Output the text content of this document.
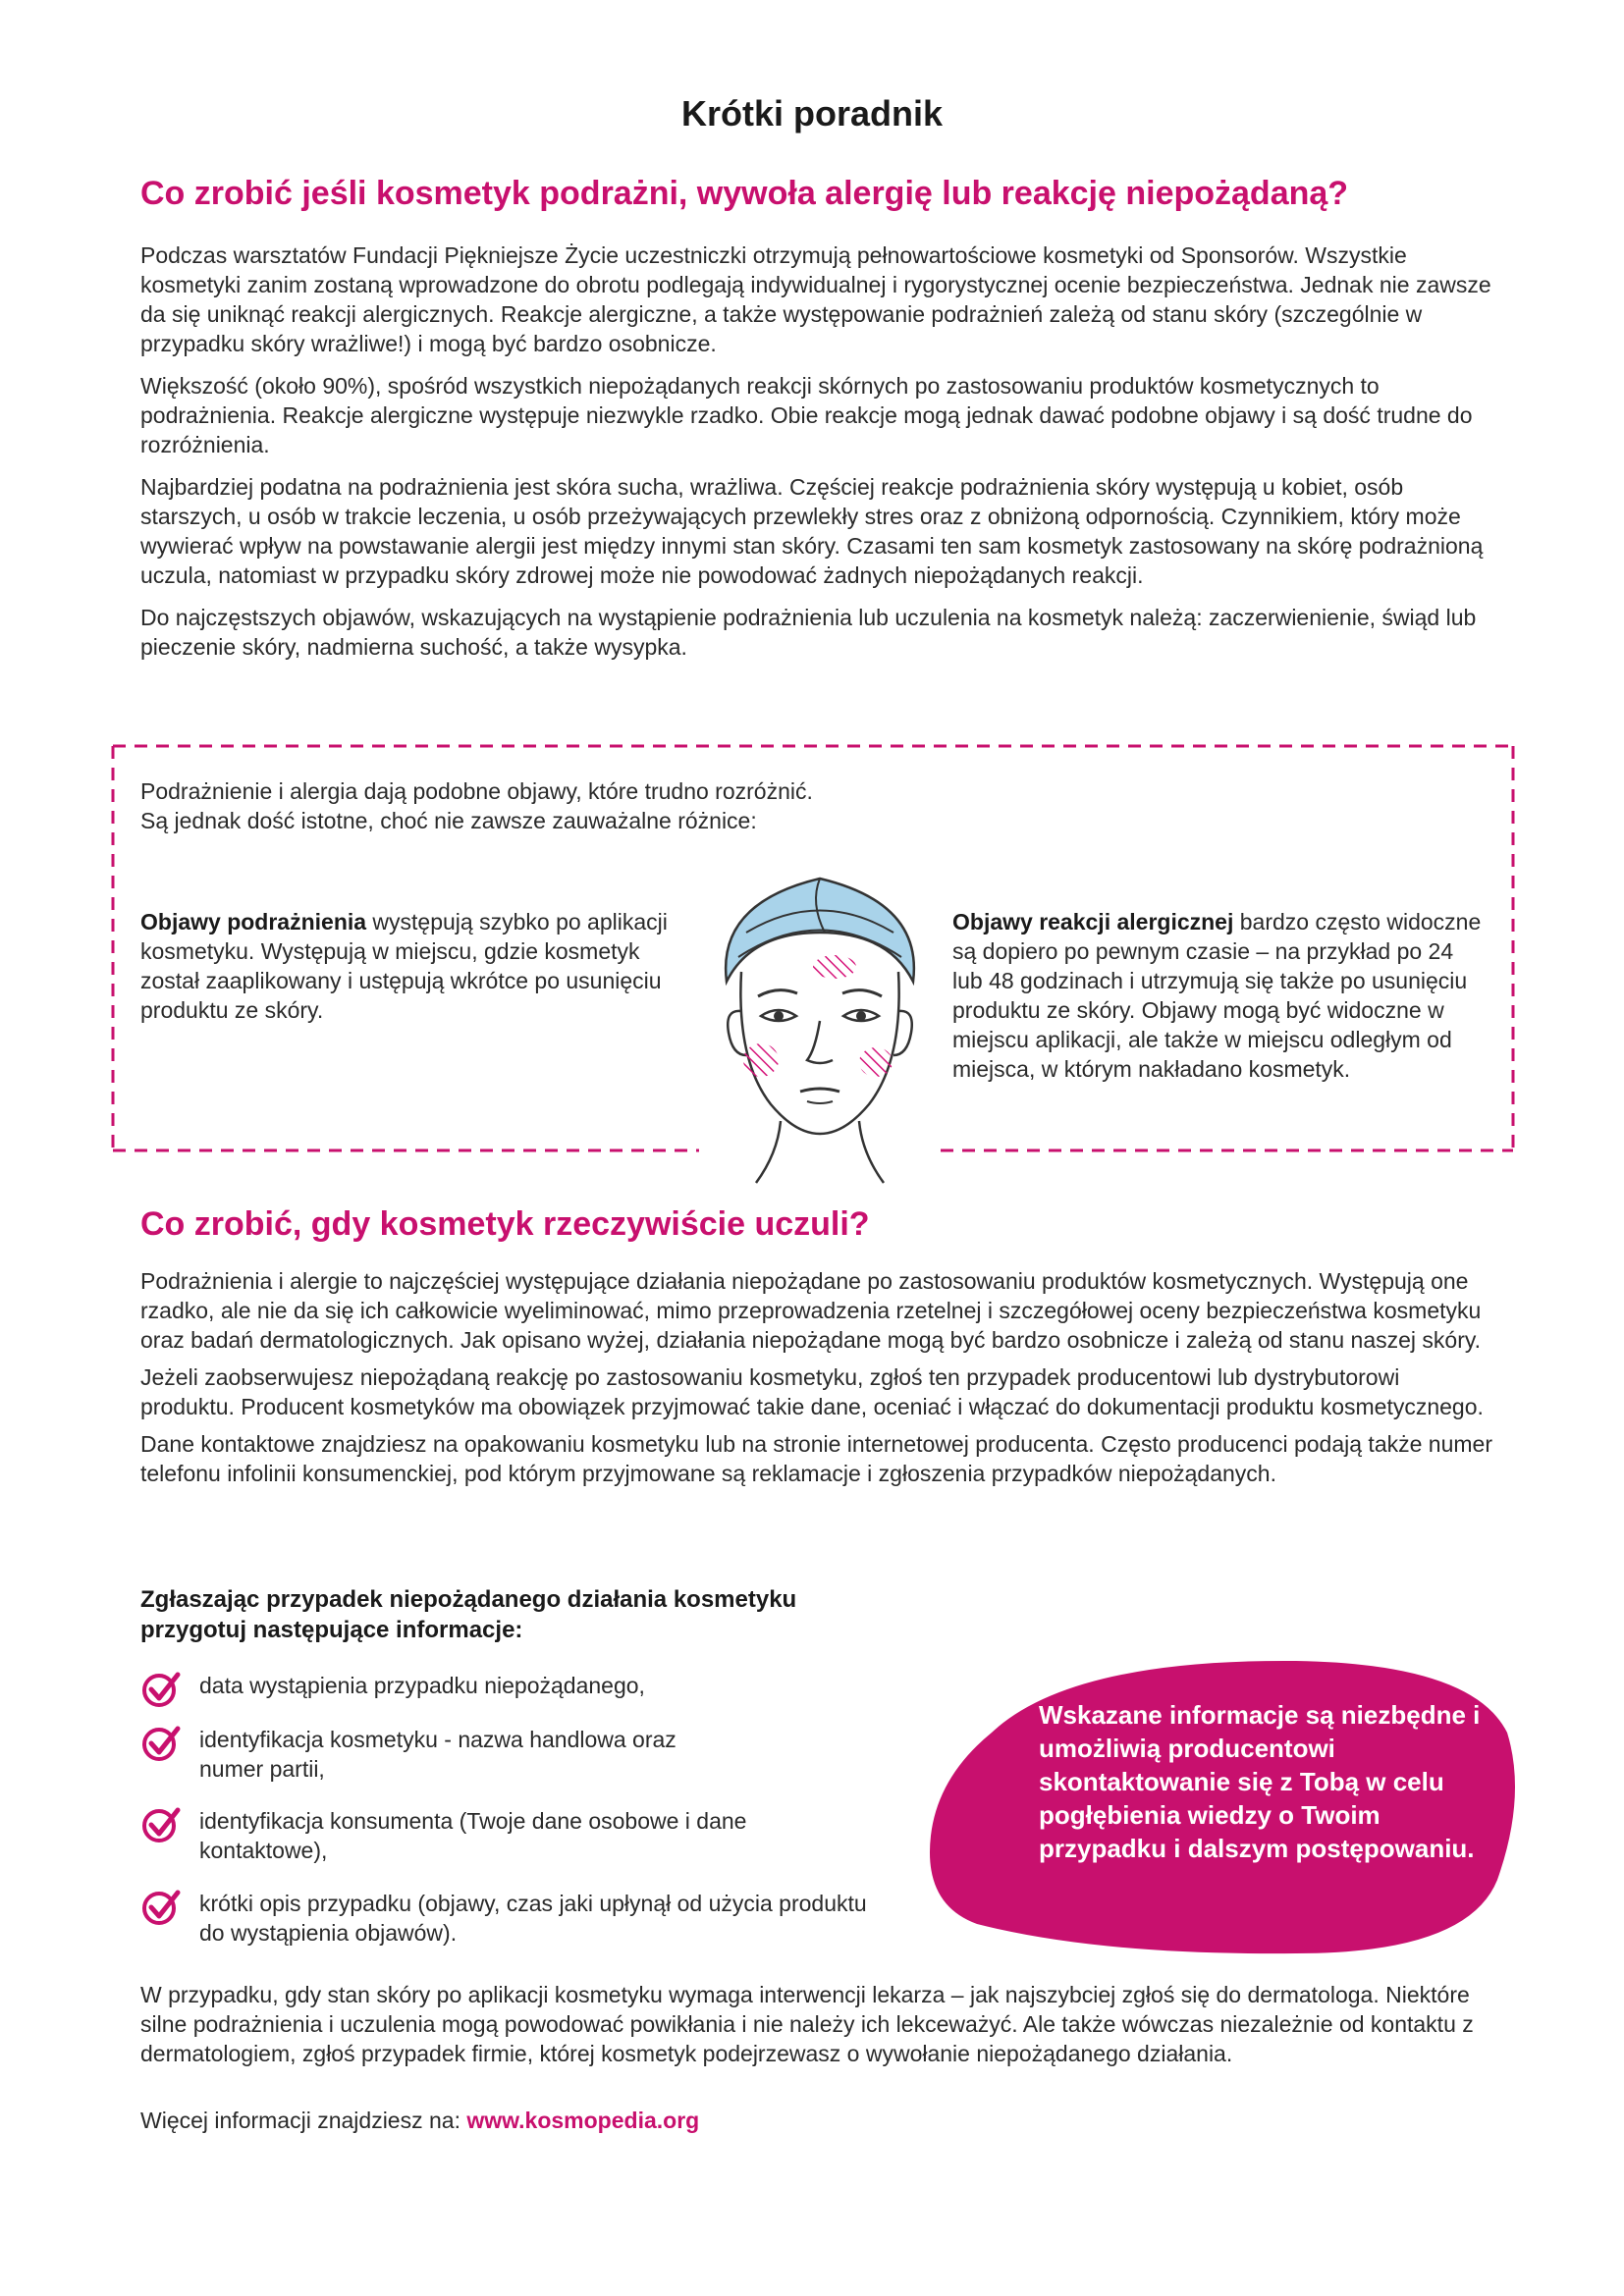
Krótki poradnik
Co zrobić jeśli kosmetyk podrażni, wywoła alergię lub reakcję niepożądaną?

Podczas warsztatów Fundacji Piękniejsze Życie uczestniczki otrzymują pełnowartościowe kosmetyki od Sponsorów. Wszystkie kosmetyki zanim zostaną wprowadzone do obrotu podlegają indywidualnej i rygorystycznej ocenie bezpieczeństwa. Jednak nie zawsze da się uniknąć reakcji alergicznych. Reakcje alergiczne, a także występowanie podrażnień zależą od stanu skóry (szczególnie w przypadku skóry wrażliwe!) i mogą być bardzo osobnicze.

Większość (około 90%), spośród wszystkich niepożądanych reakcji skórnych po zastosowaniu produktów kosmetycznych to podrażnienia. Reakcje alergiczne występuje niezwykle rzadko. Obie reakcje mogą jednak dawać podobne objawy i są dość trudne do rozróżnienia.

Najbardziej podatna na podrażnienia jest skóra sucha, wrażliwa. Częściej reakcje podrażnienia skóry występują u kobiet, osób starszych, u osób w trakcie leczenia, u osób przeżywających przewlekły stres oraz z obniżoną odpornością. Czynnikiem, który może wywierać wpływ na powstawanie alergii jest między innymi stan skóry. Czasami ten sam kosmetyk zastosowany na skórę podrażnioną uczula, natomiast w przypadku skóry zdrowej może nie powodować żadnych niepożądanych reakcji.

Do najczęstszych objawów, wskazujących na wystąpienie podrażnienia lub uczulenia na kosmetyk należą: zaczerwienienie, świąd lub pieczenie skóry, nadmierna suchość, a także wysypka.

Podrażnienie i alergia dają podobne objawy, które trudno rozróżnić.
Są jednak dość istotne, choć nie zawsze zauważalne różnice:
Objawy podrażnienia występują szybko po aplikacji kosmetyku. Występują w miejscu, gdzie kosmetyk został zaaplikowany i ustępują wkrótce po usunięciu produktu ze skóry.
Objawy reakcji alergicznej bardzo często widoczne są dopiero po pewnym czasie – na przykład po 24 lub 48 godzinach i utrzymują się także po usunięciu produktu ze skóry. Objawy mogą być widoczne w miejscu aplikacji, ale także w miejscu odległym od miejsca, w którym nakładano kosmetyk.
Co zrobić, gdy kosmetyk rzeczywiście uczuli?

Podrażnienia i alergie to najczęściej występujące działania niepożądane po zastosowaniu produktów kosmetycznych. Występują one rzadko, ale nie da się ich całkowicie wyeliminować, mimo przeprowadzenia rzetelnej i szczegółowej oceny bezpieczeństwa kosmetyku oraz badań dermatologicznych. Jak opisano wyżej, działania niepożądane mogą być bardzo osobnicze i zależą od stanu naszej skóry.

Jeżeli zaobserwujesz niepożądaną reakcję po zastosowaniu kosmetyku, zgłoś ten przypadek producentowi lub dystrybutorowi produktu. Producent kosmetyków ma obowiązek przyjmować takie dane, oceniać i włączać do dokumentacji produktu kosmetycznego.

Dane kontaktowe znajdziesz na opakowaniu kosmetyku lub na stronie internetowej producenta. Często producenci podają także numer telefonu infolinii konsumenckiej, pod którym przyjmowane są reklamacje i zgłoszenia przypadków niepożądanych.

Zgłaszając przypadek niepożądanego działania kosmetyku przygotuj następujące informacje:
data wystąpienia przypadku niepożądanego,
identyfikacja kosmetyku - nazwa handlowa oraz numer partii,
identyfikacja konsumenta (Twoje dane osobowe i dane kontaktowe),
krótki opis przypadku (objawy, czas jaki upłynął od użycia produktu do wystąpienia objawów).
Wskazane informacje są niezbędne i umożliwią producentowi skontaktowanie się z Tobą w celu pogłębienia wiedzy o Twoim przypadku i dalszym postępowaniu.
W przypadku, gdy stan skóry po aplikacji kosmetyku wymaga interwencji lekarza – jak najszybciej zgłoś się do dermatologa. Niektóre silne podrażnienia i uczulenia mogą powodować powikłania i nie należy ich lekceważyć. Ale także wówczas niezależnie od kontaktu z dermatologiem, zgłoś przypadek firmie, której kosmetyk podejrzewasz o wywołanie niepożądanego działania.
Więcej informacji znajdziesz na: www.kosmopedia.org
